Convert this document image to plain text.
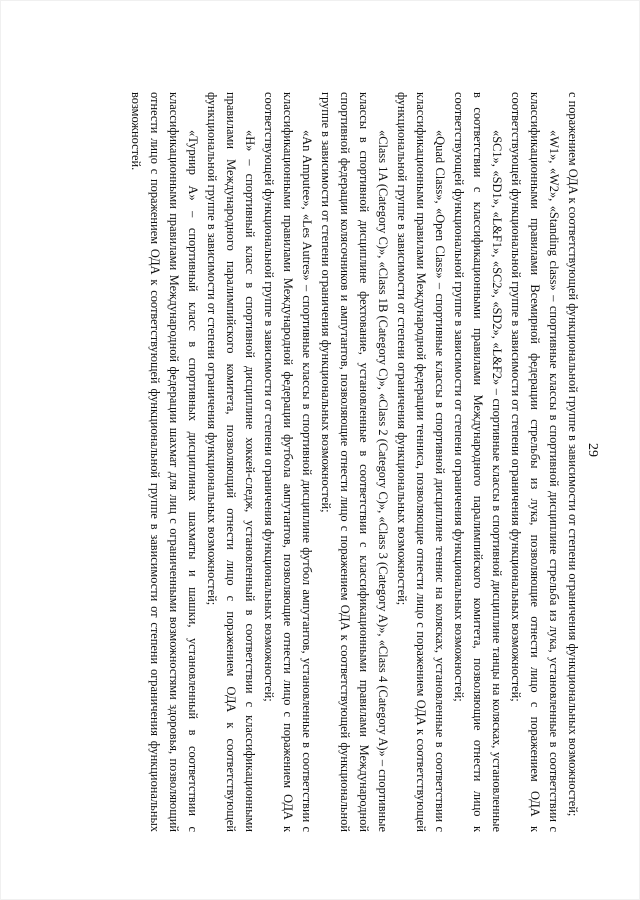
29

с поражением ОДА к соответствующей функциональной группе в зависимости от степени ограничения функциональных возможностей;

«W1», «W2», «Standing class» – спортивные классы в спортивной дисциплине стрельба из лука, установленные в соответствии с классификационными правилами Всемирной федерации стрельбы из лука, позволяющие отнести лицо с поражением ОДА к соответствующей функциональной группе в зависимости от степени ограничения функциональных возможностей;

«SC1», «SD1», «L&F1», «SC2», «SD2», «L&F2» – спортивные классы в спортивной дисциплине танцы на колясках, установленные в соответствии с классификационными правилами Международного паралимпийского комитета, позволяющие отнести лицо к соответствующей функциональной группе в зависимости от степени ограничения функциональных возможностей;

«Quad Class», «Open Class» – спортивные классы в спортивной дисциплине теннис на колясках, установленные в соответствии с классификационными правилами Международной федерации тенниса, позволяющие отнести лицо с поражением ОДА к соответствующей функциональной группе в зависимости от степени ограничения функциональных возможностей;

«Class 1A (Category C)», «Class 1B (Category C)», «Class 2 (Category C)», «Class 3 (Category A)», «Class 4 (Category A)» – спортивные классы в спортивной дисциплине фехтование, установленные в соответствии с классификационными правилами Международной спортивной федерации колясочников и ампутантов, позволяющие отнести лицо с поражением ОДА к соответствующей функциональной группе в зависимости от степени ограничения функциональных возможностей;

«An Amputee», «Les Autres» – спортивные классы в спортивной дисциплине футбол ампутантов, установленные в соответствии с классификационными правилами Международной федерации футбола ампутантов, позволяющие отнести лицо с поражением ОДА к соответствующей функциональной группе в зависимости от степени ограничения функциональных возможностей;

«H» – спортивный класс в спортивной дисциплине хоккей-следж, установленный в соответствии с классификационными правилами Международного паралимпийского комитета, позволяющий отнести лицо с поражением ОДА к соответствующей функциональной группе в зависимости от степени ограничения функциональных возможностей;

«Турнир А» – спортивный класс в спортивных дисциплинах шахматы и шашки, установленный в соответствии с классификационными правилами Международной федерации шахмат для лиц с ограниченными возможностями здоровья, позволяющий отнести лицо с поражением ОДА к соответствующей функциональной группе в зависимости от степени ограничения функциональных возможностей.
